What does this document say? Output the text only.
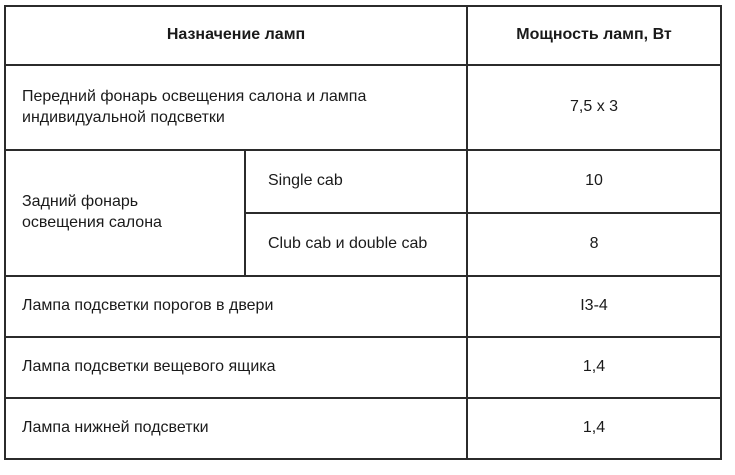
Назначение ламп		Мощность ламп, Вт
Передний фонарь освещения салона и лампа
индивидуальной подсветки		7,5 x 3
Задний фонарь
освещения салона	Single cab	10
	Club cab и double cab	8
Лампа подсветки порогов в двери		I3-4
Лампа подсветки вещевого ящика		1,4
Лампа нижней подсветки		1,4
